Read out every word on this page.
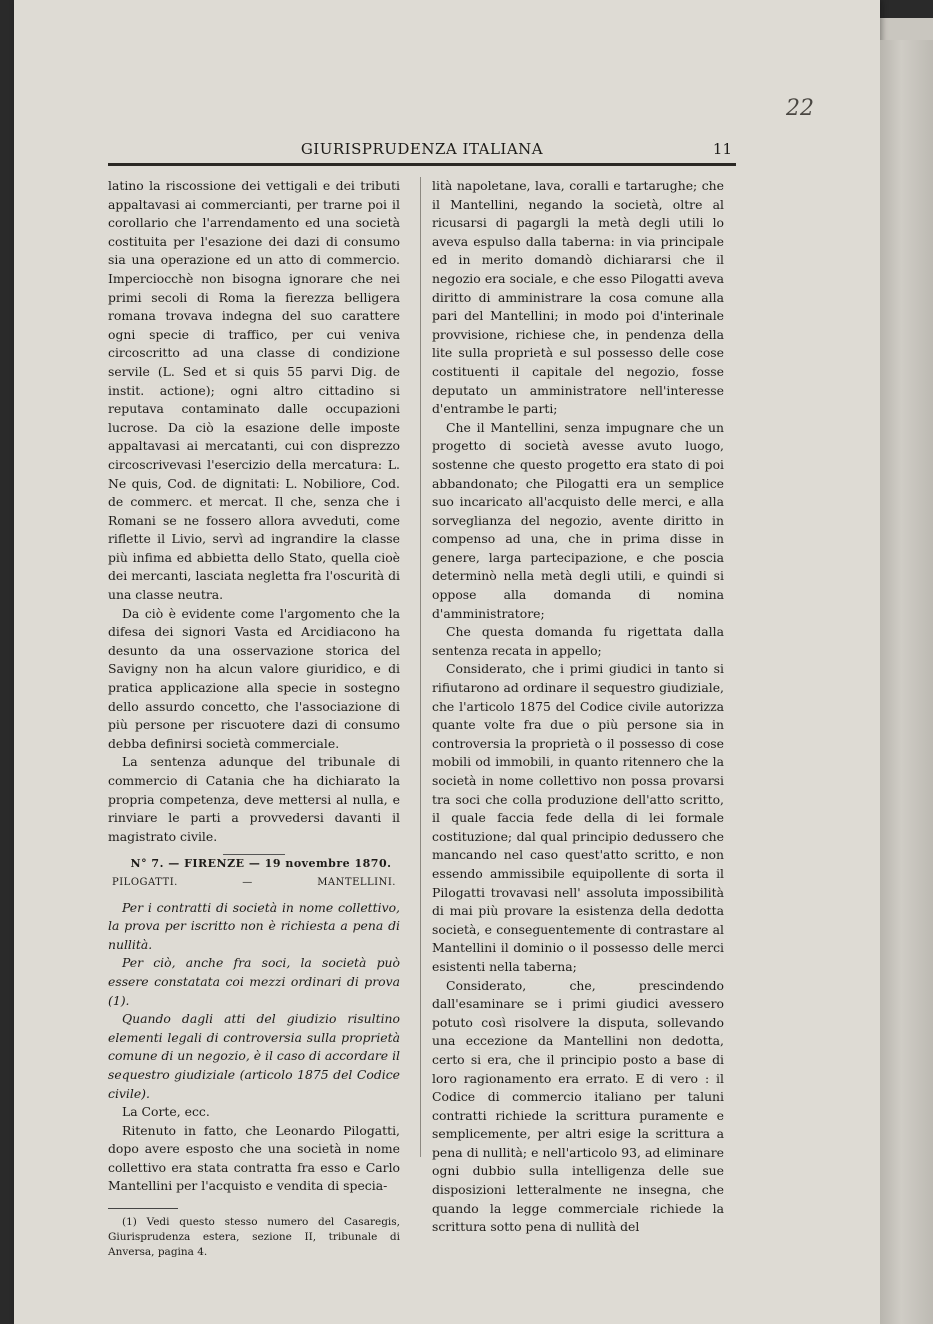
22
GIURISPRUDENZA ITALIANA	11

latino la riscossione dei vettigali e dei tributi appaltavasi ai commercianti, per trarne poi il corollario che l'arrendamento ed una società costituita per l'esazione dei dazi di consumo sia una operazione ed un atto di commercio. Imperciocchè non bisogna ignorare che nei primi secoli di Roma la fierezza belligera romana trovava indegna del suo carattere ogni specie di traffico, per cui veniva circoscritto ad una classe di condizione servile (L. Sed et si quis 55 parvi Dig. de instit. actione); ogni altro cittadino si reputava contaminato dalle occupazioni lucrose. Da ciò la esazione delle imposte appaltavasi ai mercatanti, cui con disprezzo circoscrivevasi l'esercizio della mercatura: L. Ne quis, Cod. de dignitati: L. Nobiliore, Cod. de commerc. et mercat. Il che, senza che i Romani se ne fossero allora avveduti, come riflette il Livio, servì ad ingrandire la classe più infima ed abbietta dello Stato, quella cioè dei mercanti, lasciata negletta fra l'oscurità di una classe neutra.

Da ciò è evidente come l'argomento che la difesa dei signori Vasta ed Arcidiacono ha desunto da una osservazione storica del Savigny non ha alcun valore giuridico, e di pratica applicazione alla specie in sostegno dello assurdo concetto, che l'associazione di più persone per riscuotere dazi di consumo debba definirsi società commerciale.

La sentenza adunque del tribunale di commercio di Catania che ha dichiarato la propria competenza, deve mettersi al nulla, e rinviare le parti a provvedersi davanti il magistrato civile.

N° 7. — FIRENZE — 19 novembre 1870.

PILOGATTI.	—	MANTELLINI.

Per i contratti di società in nome collettivo, la prova per iscritto non è richiesta a pena di nullità.

Per ciò, anche fra soci, la società può essere constatata coi mezzi ordinari di prova (1).

Quando dagli atti del giudizio risultino elementi legali di controversia sulla proprietà comune di un negozio, è il caso di accordare il sequestro giudiziale (articolo 1875 del Codice civile).

La Corte, ecc.

Ritenuto in fatto, che Leonardo Pilogatti, dopo avere esposto che una società in nome collettivo era stata contratta fra esso e Carlo Mantellini per l'acquisto e vendita di specia-

(1) Vedi questo stesso numero del Casaregis, Giurisprudenza estera, sezione II, tribunale di Anversa, pagina 4.

lità napoletane, lava, coralli e tartarughe; che il Mantellini, negando la società, oltre al ricusarsi di pagargli la metà degli utili lo aveva espulso dalla taberna: in via principale ed in merito domandò dichiararsi che il negozio era sociale, e che esso Pilogatti aveva diritto di amministrare la cosa comune alla pari del Mantellini; in modo poi d'interinale provvisione, richiese che, in pendenza della lite sulla proprietà e sul possesso delle cose costituenti il capitale del negozio, fosse deputato un amministratore nell'interesse d'entrambe le parti;

Che il Mantellini, senza impugnare che un progetto di società avesse avuto luogo, sostenne che questo progetto era stato di poi abbandonato; che Pilogatti era un semplice suo incaricato all'acquisto delle merci, e alla sorveglianza del negozio, avente diritto in compenso ad una, che in prima disse in genere, larga partecipazione, e che poscia determinò nella metà degli utili, e quindi si oppose alla domanda di nomina d'amministratore;

Che questa domanda fu rigettata dalla sentenza recata in appello;

Considerato, che i primi giudici in tanto si rifiutarono ad ordinare il sequestro giudiziale, che l'articolo 1875 del Codice civile autorizza quante volte fra due o più persone sia in controversia la proprietà o il possesso di cose mobili od immobili, in quanto ritennero che la società in nome collettivo non possa provarsi tra soci che colla produzione dell'atto scritto, il quale faccia fede della di lei formale costituzione; dal qual principio dedussero che mancando nel caso quest'atto scritto, e non essendo ammissibile equipollente di sorta il Pilogatti trovavasi nell' assoluta impossibilità di mai più provare la esistenza della dedotta società, e conseguentemente di contrastare al Mantellini il dominio o il possesso delle merci esistenti nella taberna;

Considerato, che, prescindendo dall'esaminare se i primi giudici avessero potuto così risolvere la disputa, sollevando una eccezione da Mantellini non dedotta, certo si era, che il principio posto a base di loro ragionamento era errato. E di vero : il Codice di commercio italiano per taluni contratti richiede la scrittura puramente e semplicemente, per altri esige la scrittura a pena di nullità; e nell'articolo 93, ad eliminare ogni dubbio sulla intelligenza delle sue disposizioni letteralmente ne insegna, che quando la legge commerciale richiede la scrittura sotto pena di nullità del
